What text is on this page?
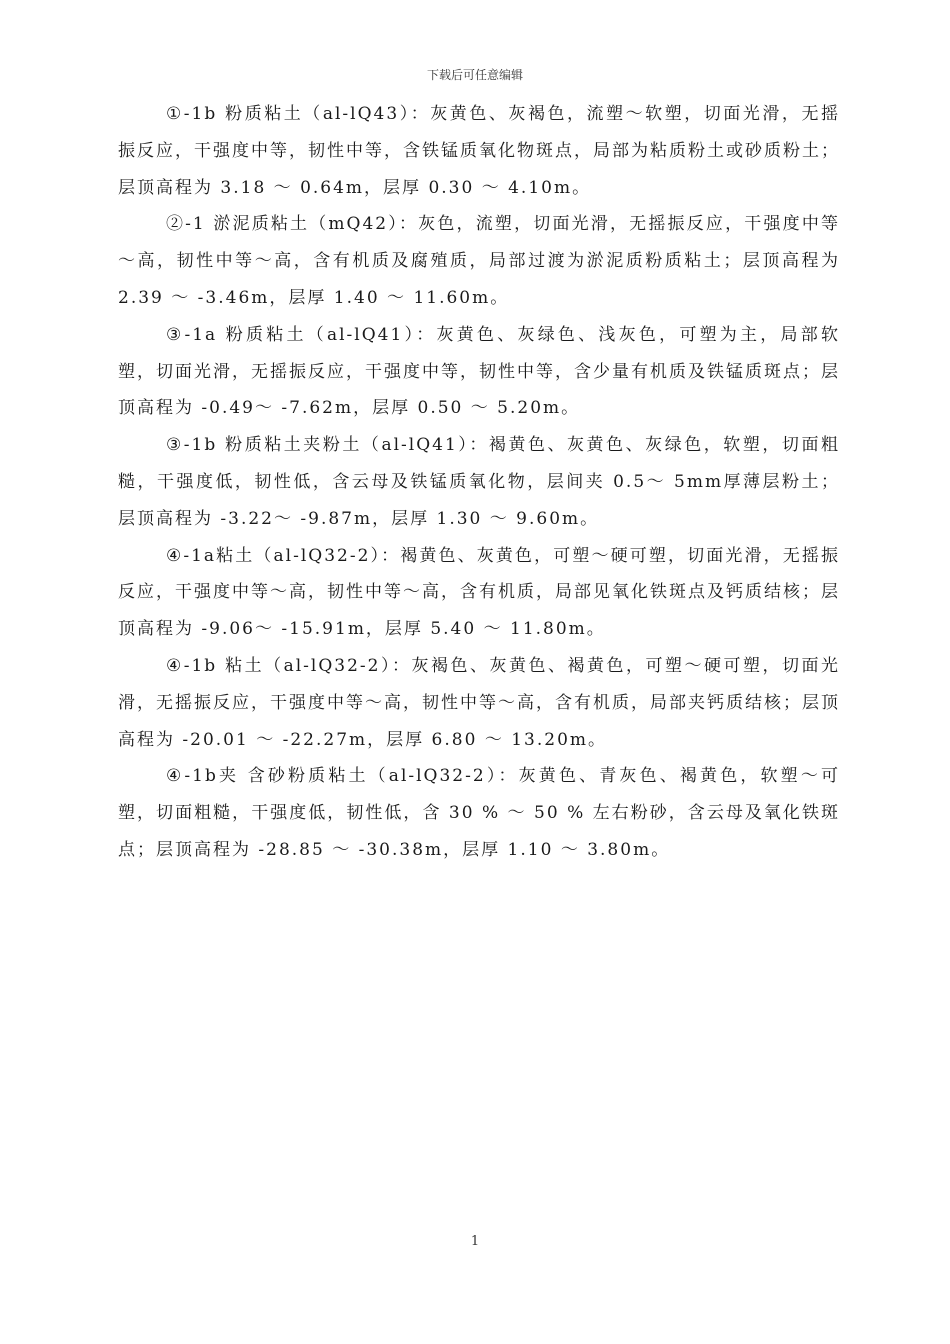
下载后可任意编辑

①-1b 粉质粘土（al-lQ43）：灰黄色、灰褐色，流塑～软塑，切面光滑，无摇振反应，干强度中等，韧性中等，含铁锰质氧化物斑点，局部为粘质粉土或砂质粉土；层顶高程为 3.18 ～ 0.64m，层厚 0.30 ～ 4.10m。

②-1 淤泥质粘土（mQ42）：灰色，流塑，切面光滑，无摇振反应，干强度中等～高，韧性中等～高，含有机质及腐殖质，局部过渡为淤泥质粉质粘土；层顶高程为 2.39 ～ -3.46m，层厚 1.40 ～ 11.60m。

③-1a 粉质粘土（al-lQ41）：灰黄色、灰绿色、浅灰色，可塑为主，局部软塑，切面光滑，无摇振反应，干强度中等，韧性中等，含少量有机质及铁锰质斑点；层顶高程为 -0.49～ -7.62m，层厚 0.50 ～ 5.20m。

③-1b 粉质粘土夹粉土（al-lQ41）：褐黄色、灰黄色、灰绿色，软塑，切面粗糙，干强度低，韧性低，含云母及铁锰质氧化物，层间夹 0.5～ 5mm厚薄层粉土；层顶高程为 -3.22～ -9.87m，层厚 1.30 ～ 9.60m。

④-1a粘土（al-lQ32-2）：褐黄色、灰黄色，可塑～硬可塑，切面光滑，无摇振反应，干强度中等～高，韧性中等～高，含有机质，局部见氧化铁斑点及钙质结核；层顶高程为 -9.06～ -15.91m，层厚 5.40 ～ 11.80m。

④-1b 粘土（al-lQ32-2）：灰褐色、灰黄色、褐黄色，可塑～硬可塑，切面光滑，无摇振反应，干强度中等～高，韧性中等～高，含有机质，局部夹钙质结核；层顶高程为 -20.01 ～ -22.27m，层厚 6.80 ～ 13.20m。

④-1b夹 含砂粉质粘土（al-lQ32-2）：灰黄色、青灰色、褐黄色，软塑～可塑，切面粗糙，干强度低，韧性低，含 30 % ～ 50 % 左右粉砂，含云母及氧化铁斑点；层顶高程为 -28.85 ～ -30.38m，层厚 1.10 ～ 3.80m。

1
